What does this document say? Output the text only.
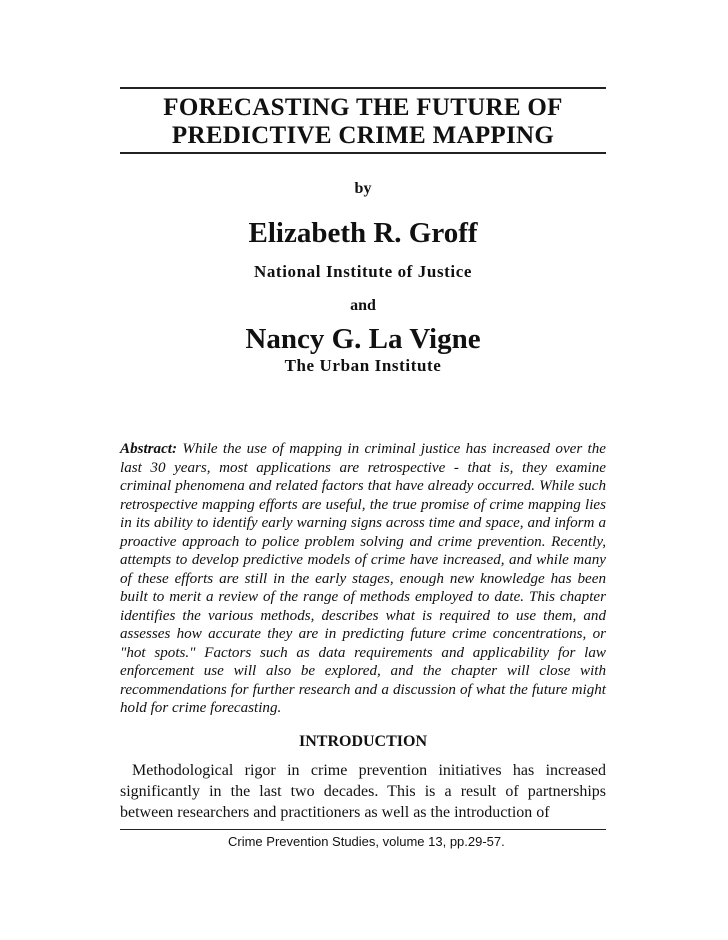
FORECASTING THE FUTURE OF
PREDICTIVE CRIME MAPPING
by
Elizabeth R. Groff
National Institute of Justice
and
Nancy G. La Vigne
The Urban Institute
Abstract: While the use of mapping in criminal justice has increased over the last 30 years, most applications are retrospective - that is, they examine criminal phenomena and related factors that have already occurred. While such retrospective mapping efforts are useful, the true promise of crime mapping lies in its ability to identify early warning signs across time and space, and inform a proactive approach to police problem solving and crime prevention. Recently, attempts to develop predictive models of crime have increased, and while many of these efforts are still in the early stages, enough new knowledge has been built to merit a review of the range of methods employed to date. This chapter identifies the various methods, describes what is required to use them, and assesses how accurate they are in predicting future crime concentrations, or "hot spots." Factors such as data requirements and applicability for law enforcement use will also be explored, and the chapter will close with recommendations for further research and a discussion of what the future might hold for crime forecasting.
INTRODUCTION
Methodological rigor in crime prevention initiatives has increased significantly in the last two decades. This is a result of partnerships between researchers and practitioners as well as the introduction of
Crime Prevention Studies, volume 13, pp.29-57.
